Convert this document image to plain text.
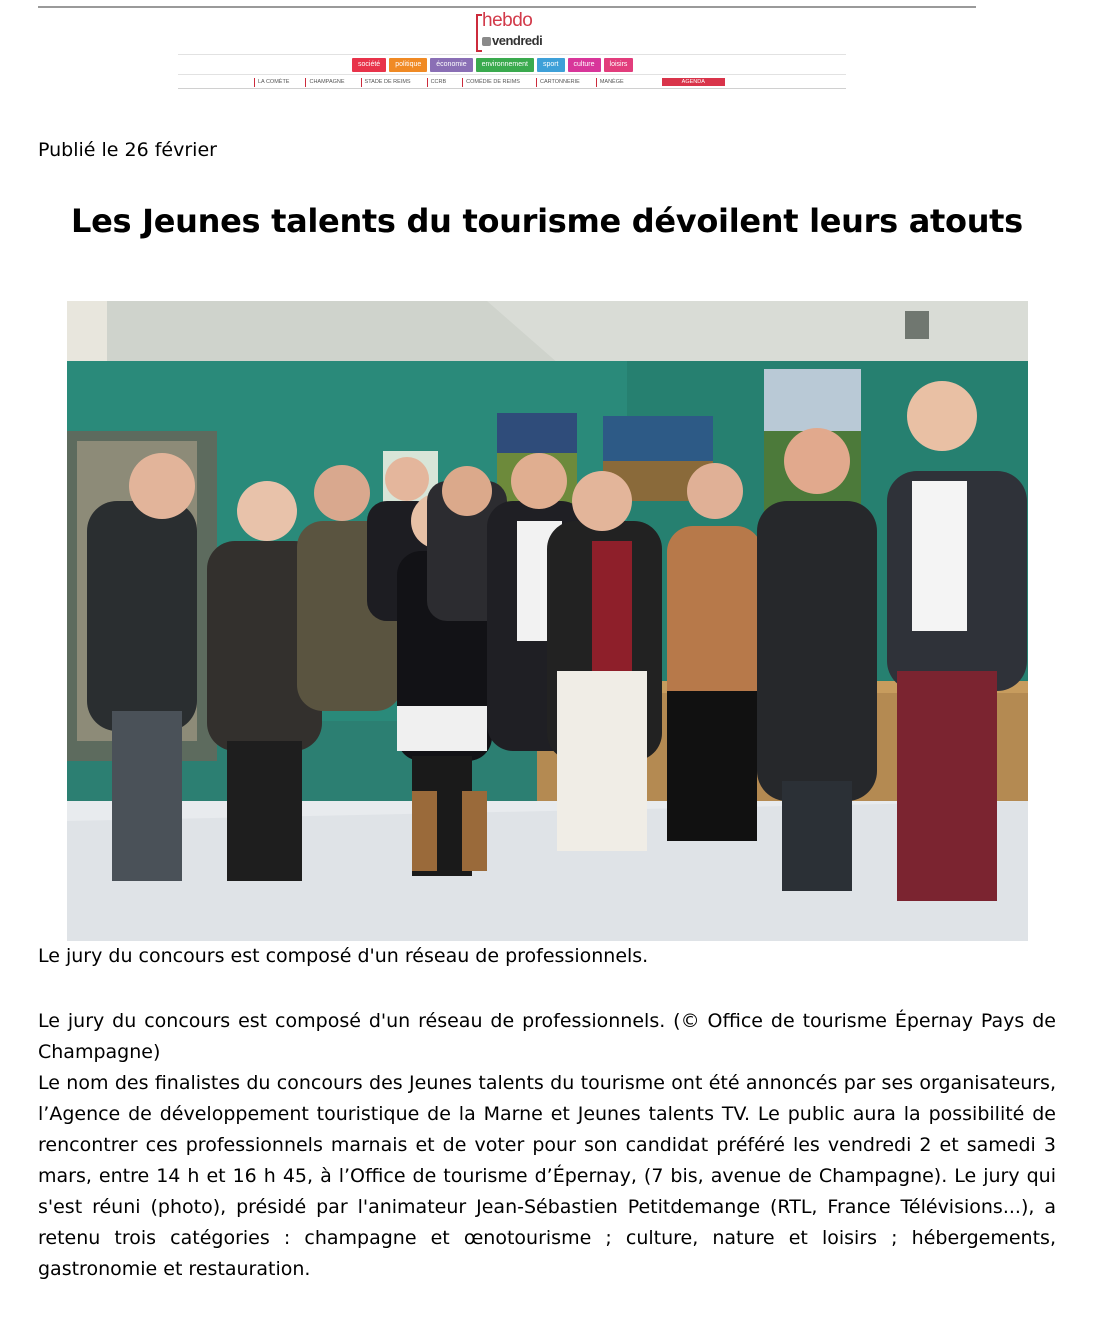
hebdo
vendredi
société	politique	économie	environnement	sport	culture	loisirs
LA COMÈTE	CHAMPAGNE	STADE DE REIMS	CCRB	COMÉDIE DE REIMS	CARTONNERIE	MANÈGE	AGENDA
Publié le 26 février
Les Jeunes talents du tourisme dévoilent leurs atouts
Le jury du concours est composé d'un réseau de professionnels.

Le jury du concours est composé d'un réseau de professionnels. (© Office de tourisme Épernay Pays de Champagne)

Le nom des finalistes du concours des Jeunes talents du tourisme ont été annoncés par ses organisateurs, l’Agence de développement touristique de la Marne et Jeunes talents TV. Le public aura la possibilité de rencontrer ces professionnels marnais et de voter pour son candidat préféré les vendredi 2 et samedi 3 mars, entre 14 h et 16 h 45, à l’Office de tourisme d’Épernay, (7 bis, avenue de Champagne). Le jury qui s'est réuni (photo), présidé par l'animateur Jean-Sébastien Petitdemange (RTL, France Télévisions...), a retenu trois catégories : champagne et œnotourisme ; culture, nature et loisirs ; hébergements, gastronomie et restauration.
